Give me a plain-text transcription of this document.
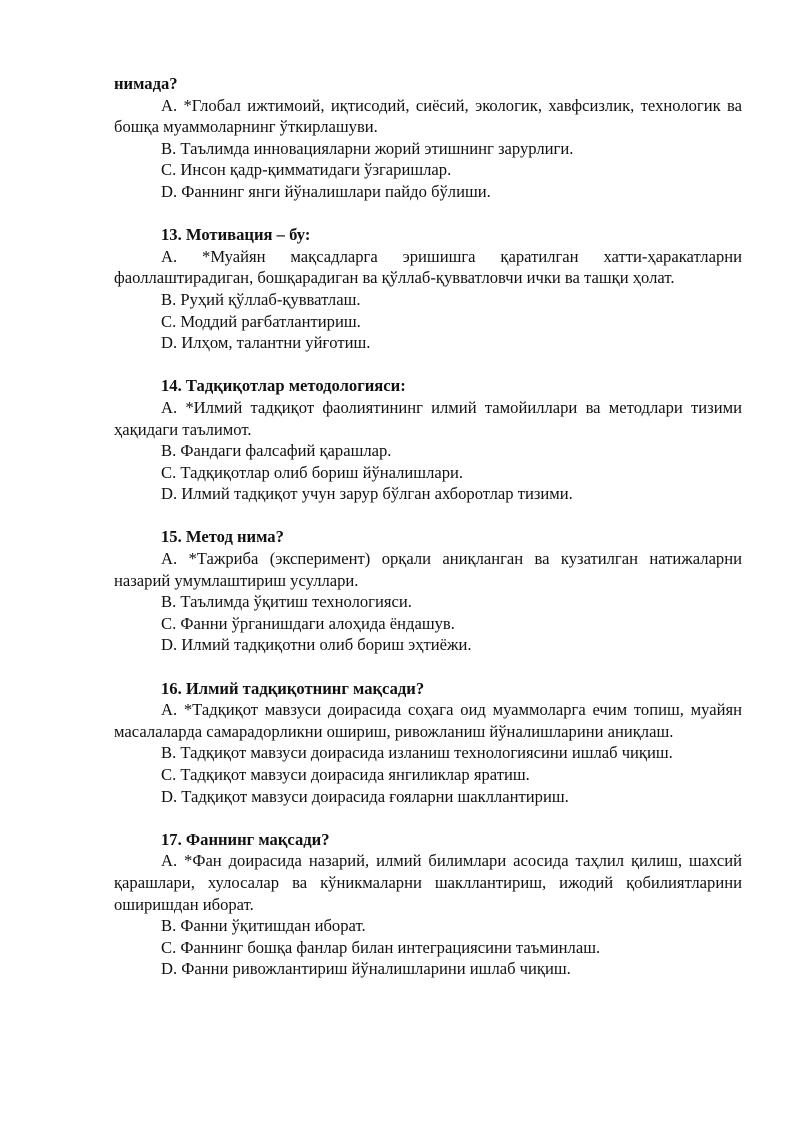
нимада?

A. *Глобал ижтимоий, иқтисодий, сиёсий, экологик, хавфсизлик, технологик ва бошқа муаммоларнинг ўткирлашуви.

B. Таълимда инновацияларни жорий этишнинг зарурлиги.

C. Инсон қадр-қимматидаги ўзгаришлар.

D. Фаннинг янги йўналишлари пайдо бўлиши.

13. Мотивация – бу:

A. *Муайян мақсадларга эришишга қаратилган хатти-ҳаракатларни фаоллаштирадиган, бошқарадиган ва қўллаб-қувватловчи ички ва ташқи ҳолат.

B. Руҳий қўллаб-қувватлаш.

C. Моддий рағбатлантириш.

D. Илҳом, талантни уйғотиш.

14. Тадқиқотлар методологияси:

A. *Илмий тадқиқот фаолиятининг илмий тамойиллари ва методлари тизими ҳақидаги таълимот.

B. Фандаги фалсафий қарашлар.

C. Тадқиқотлар олиб бориш йўналишлари.

D. Илмий тадқиқот учун зарур бўлган ахборотлар тизими.

15. Метод нима?

A. *Тажриба (эксперимент) орқали аниқланган ва кузатилган натижаларни назарий умумлаштириш усуллари.

B. Таълимда ўқитиш технологияси.

C. Фанни ўрганишдаги алоҳида ёндашув.

D. Илмий тадқиқотни олиб бориш эҳтиёжи.

16. Илмий тадқиқотнинг мақсади?

A. *Тадқиқот мавзуси доирасида соҳага оид муаммоларга ечим топиш, муайян масалаларда самарадорликни ошириш, ривожланиш йўналишларини аниқлаш.

B. Тадқиқот мавзуси доирасида изланиш технологиясини ишлаб чиқиш.

C. Тадқиқот мавзуси доирасида янгиликлар яратиш.

D. Тадқиқот мавзуси доирасида ғояларни шакллантириш.

17. Фаннинг мақсади?

A. *Фан доирасида назарий, илмий билимлари асосида таҳлил қилиш, шахсий қарашлари, хулосалар ва кўникмаларни шакллантириш, ижодий қобилиятларини оширишдан иборат.

B. Фанни ўқитишдан иборат.

C. Фаннинг бошқа фанлар билан интеграциясини таъминлаш.

D. Фанни ривожлантириш йўналишларини ишлаб чиқиш.
